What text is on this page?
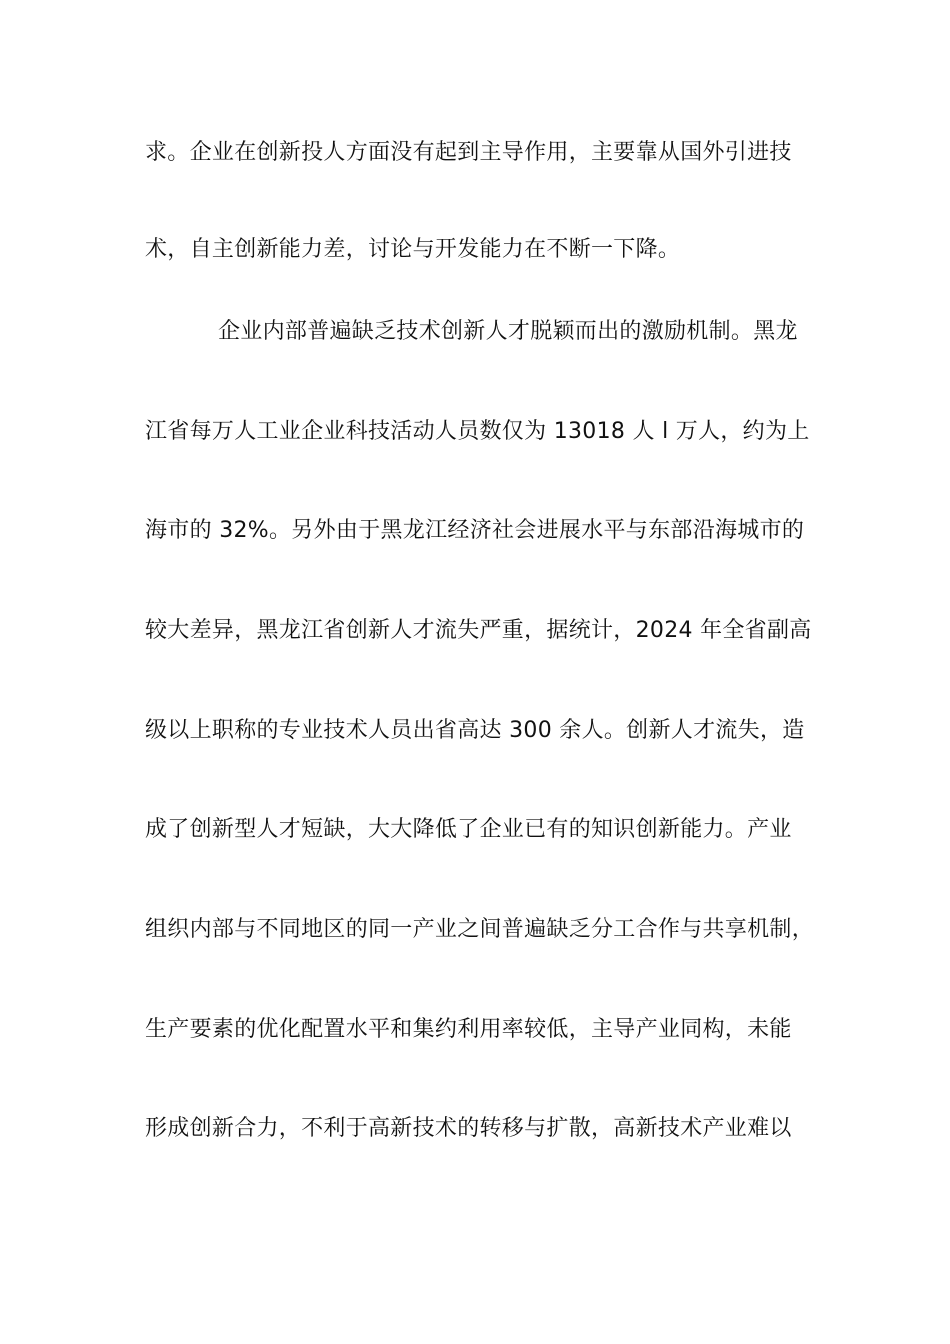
求。企业在创新投人方面没有起到主导作用，主要靠从国外引进技
术，自主创新能力差，讨论与开发能力在不断一下降。
企业内部普遍缺乏技术创新人才脱颖而出的激励机制。黑龙
江省每万人工业企业科技活动人员数仅为 13018 人 l 万人，约为上
海市的 32%。另外由于黑龙江经济社会进展水平与东部沿海城市的
较大差异，黑龙江省创新人才流失严重，据统计，2024 年全省副高
级以上职称的专业技术人员出省高达 300 余人。创新人才流失，造
成了创新型人才短缺，大大降低了企业已有的知识创新能力。产业
组织内部与不同地区的同一产业之间普遍缺乏分工合作与共享机制，
生产要素的优化配置水平和集约利用率较低，主导产业同构，未能
形成创新合力，不利于高新技术的转移与扩散，高新技术产业难以
